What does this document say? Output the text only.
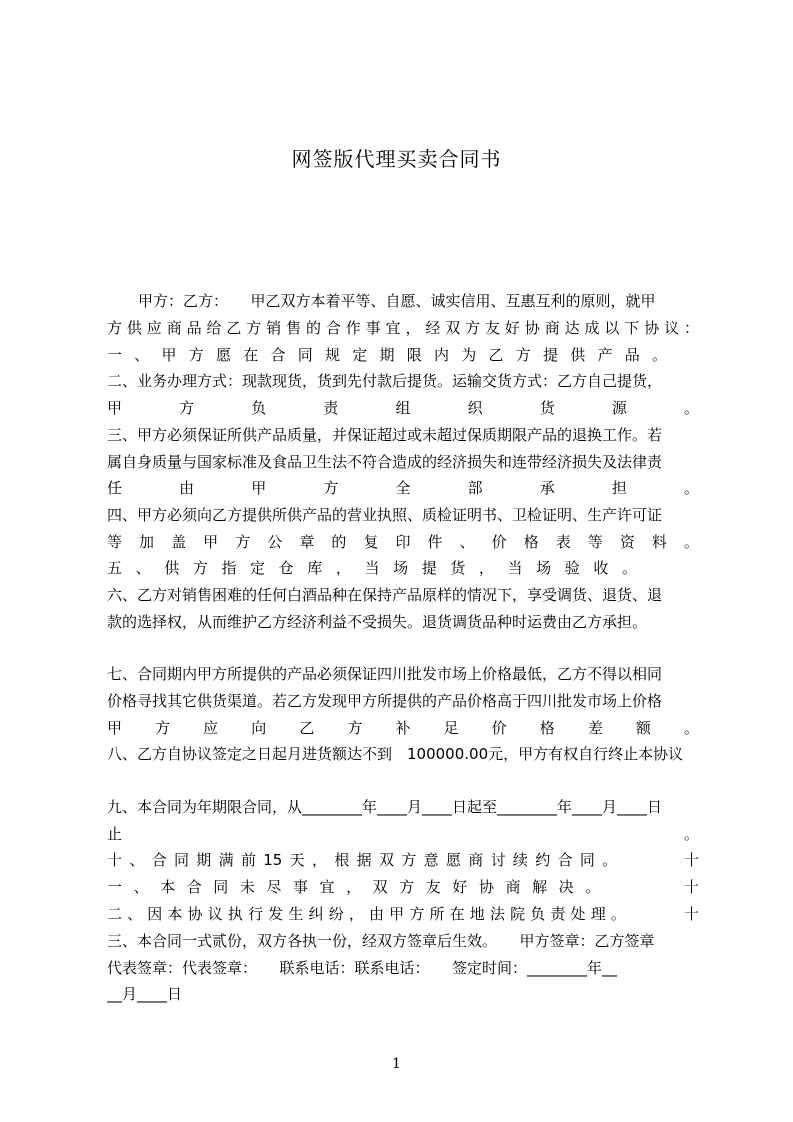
网签版代理买卖合同书
甲方：乙方：　　甲乙双方本着平等、自愿、诚实信用、互惠互利的原则，就甲
方供应商品给乙方销售的合作事宜，经双方友好协商达成以下协议：
一、甲方愿在合同规定期限内为乙方提供产品。
二、业务办理方式：现款现货，货到先付款后提货。运输交货方式：乙方自己提货，
甲方负责组织货源。
三、甲方必须保证所供产品质量，并保证超过或未超过保质期限产品的退换工作。若
属自身质量与国家标准及食品卫生法不符合造成的经济损失和连带经济损失及法律责
任由甲方全部承担。
四、甲方必须向乙方提供所供产品的营业执照、质检证明书、卫检证明、生产许可证
等加盖甲方公章的复印件、价格表等资料。
五、供方指定仓库，当场提货，当场验收。
六、乙方对销售困难的任何白酒品种在保持产品原样的情况下，享受调货、退货、退
款的选择权，从而维护乙方经济利益不受损失。退货调货品种时运费由乙方承担。
七、合同期内甲方所提供的产品必须保证四川批发市场上价格最低，乙方不得以相同
价格寻找其它供货渠道。若乙方发现甲方所提供的产品价格高于四川批发市场上价格
甲方应向乙方补足价格差额。
八、乙方自协议签定之日起月进货额达不到　100000.00元，甲方有权自行终止本协议
九、本合同为年期限合同，从________年____月____日起至________年____月____日
止。
十、合同期满前15天，根据双方意愿商讨续约合同。　　　十
一、本合同未尽事宜，双方友好协商解决。　　　十
二、因本协议执行发生纠纷，由甲方所在地法院负责处理。　　　十
三、本合同一式贰份，双方各执一份，经双方签章后生效。　　甲方签章：乙方签章
代表签章：代表签章：　　联系电话：联系电话：　　签定时间：________年__
__月____日
1
